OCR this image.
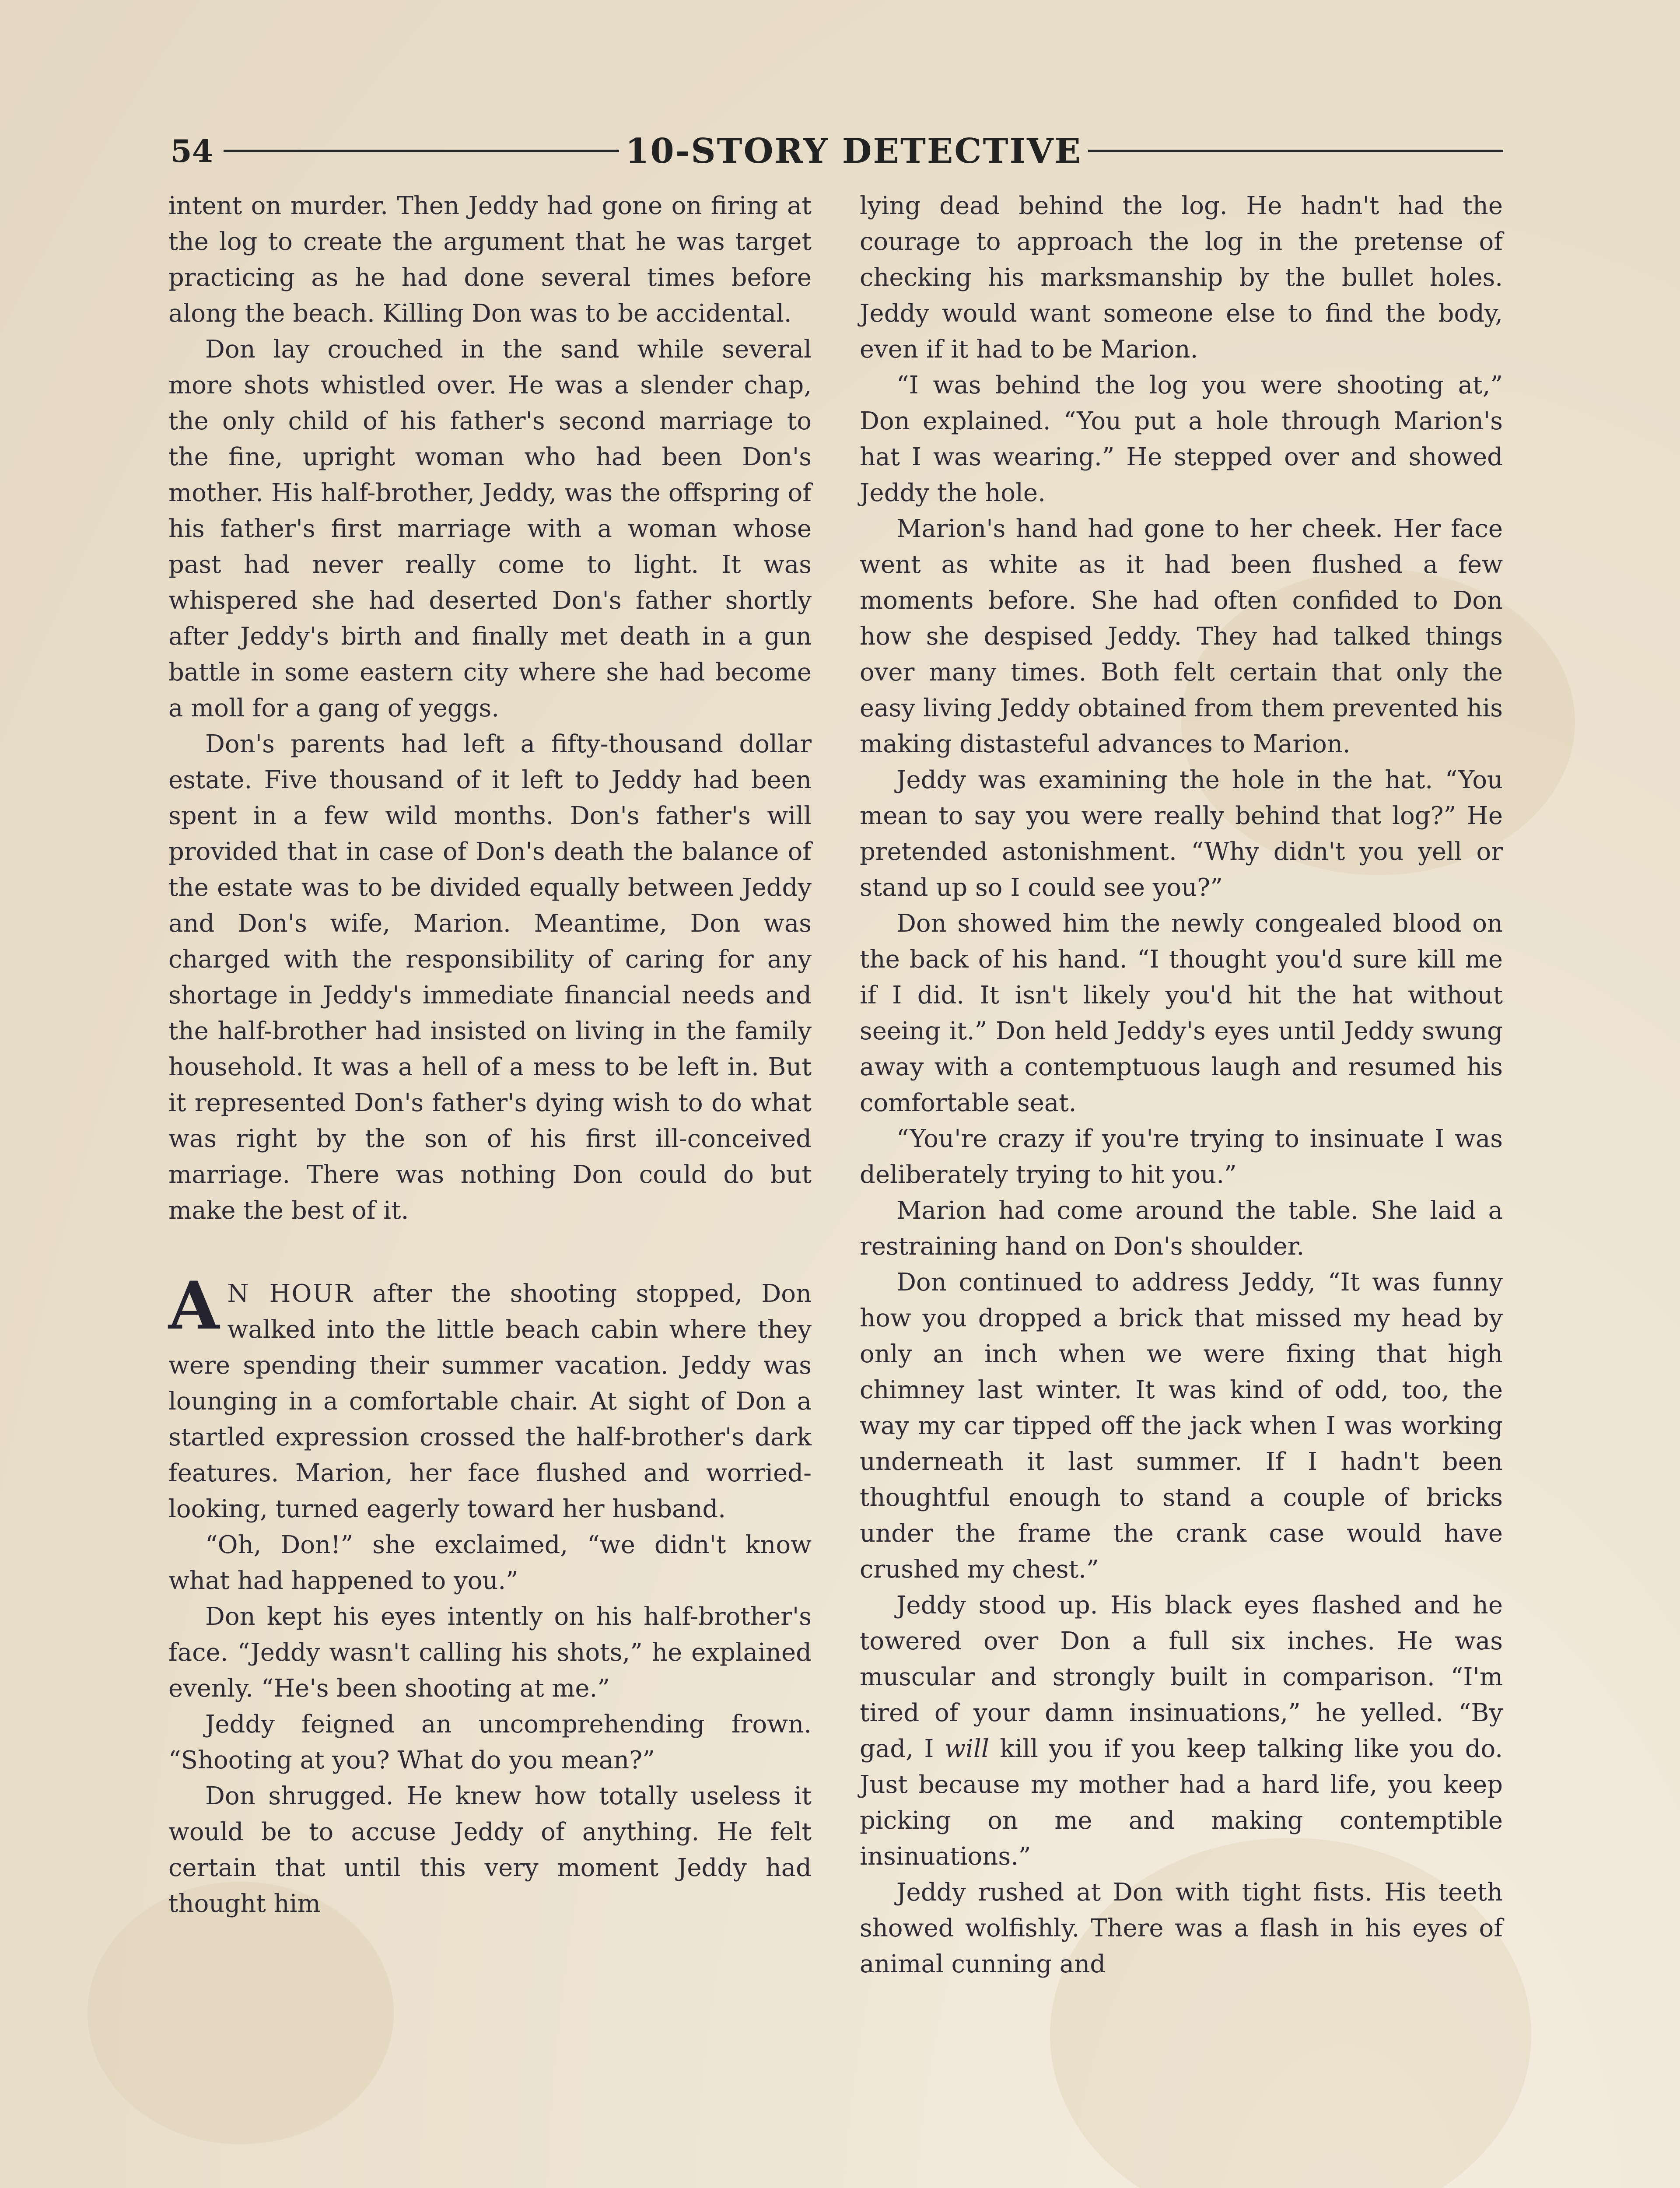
54	10-STORY DETECTIVE

intent on murder. Then Jeddy had gone on firing at the log to create the argument that he was target practicing as he had done several times before along the beach. Killing Don was to be accidental.

Don lay crouched in the sand while several more shots whistled over. He was a slender chap, the only child of his father's second marriage to the fine, upright woman who had been Don's mother. His half-brother, Jeddy, was the offspring of his father's first marriage with a woman whose past had never really come to light. It was whispered she had deserted Don's father shortly after Jeddy's birth and finally met death in a gun battle in some eastern city where she had become a moll for a gang of yeggs.

Don's parents had left a fifty-thousand dollar estate. Five thousand of it left to Jeddy had been spent in a few wild months. Don's father's will provided that in case of Don's death the balance of the estate was to be divided equally between Jeddy and Don's wife, Marion. Meantime, Don was charged with the responsibility of caring for any shortage in Jeddy's immediate financial needs and the half-brother had insisted on living in the family household. It was a hell of a mess to be left in. But it represented Don's father's dying wish to do what was right by the son of his first ill-conceived marriage. There was nothing Don could do but make the best of it.

A N HOUR after the shooting stopped, Don walked into the little beach cabin where they were spending their summer vacation. Jeddy was lounging in a comfortable chair. At sight of Don a startled expression crossed the half-brother's dark features. Marion, her face flushed and worried-looking, turned eagerly toward her husband.

“Oh, Don!” she exclaimed, “we didn't know what had happened to you.”

Don kept his eyes intently on his half-brother's face. “Jeddy wasn't calling his shots,” he explained evenly. “He's been shooting at me.”

Jeddy feigned an uncomprehending frown. “Shooting at you? What do you mean?”

Don shrugged. He knew how totally useless it would be to accuse Jeddy of anything. He felt certain that until this very moment Jeddy had thought him

lying dead behind the log. He hadn't had the courage to approach the log in the pretense of checking his marksmanship by the bullet holes. Jeddy would want someone else to find the body, even if it had to be Marion.

“I was behind the log you were shooting at,” Don explained. “You put a hole through Marion's hat I was wearing.” He stepped over and showed Jeddy the hole.

Marion's hand had gone to her cheek. Her face went as white as it had been flushed a few moments before. She had often confided to Don how she despised Jeddy. They had talked things over many times. Both felt certain that only the easy living Jeddy obtained from them prevented his making distasteful advances to Marion.

Jeddy was examining the hole in the hat. “You mean to say you were really behind that log?” He pretended astonishment. “Why didn't you yell or stand up so I could see you?”

Don showed him the newly congealed blood on the back of his hand. “I thought you'd sure kill me if I did. It isn't likely you'd hit the hat without seeing it.” Don held Jeddy's eyes until Jeddy swung away with a contemptuous laugh and resumed his comfortable seat.

“You're crazy if you're trying to insinuate I was deliberately trying to hit you.”

Marion had come around the table. She laid a restraining hand on Don's shoulder.

Don continued to address Jeddy, “It was funny how you dropped a brick that missed my head by only an inch when we were fixing that high chimney last winter. It was kind of odd, too, the way my car tipped off the jack when I was working underneath it last summer. If I hadn't been thoughtful enough to stand a couple of bricks under the frame the crank case would have crushed my chest.”

Jeddy stood up. His black eyes flashed and he towered over Don a full six inches. He was muscular and strongly built in comparison. “I'm tired of your damn insinuations,” he yelled. “By gad, I will kill you if you keep talking like you do. Just because my mother had a hard life, you keep picking on me and making contemptible insinuations.”

Jeddy rushed at Don with tight fists. His teeth showed wolfishly. There was a flash in his eyes of animal cunning and
